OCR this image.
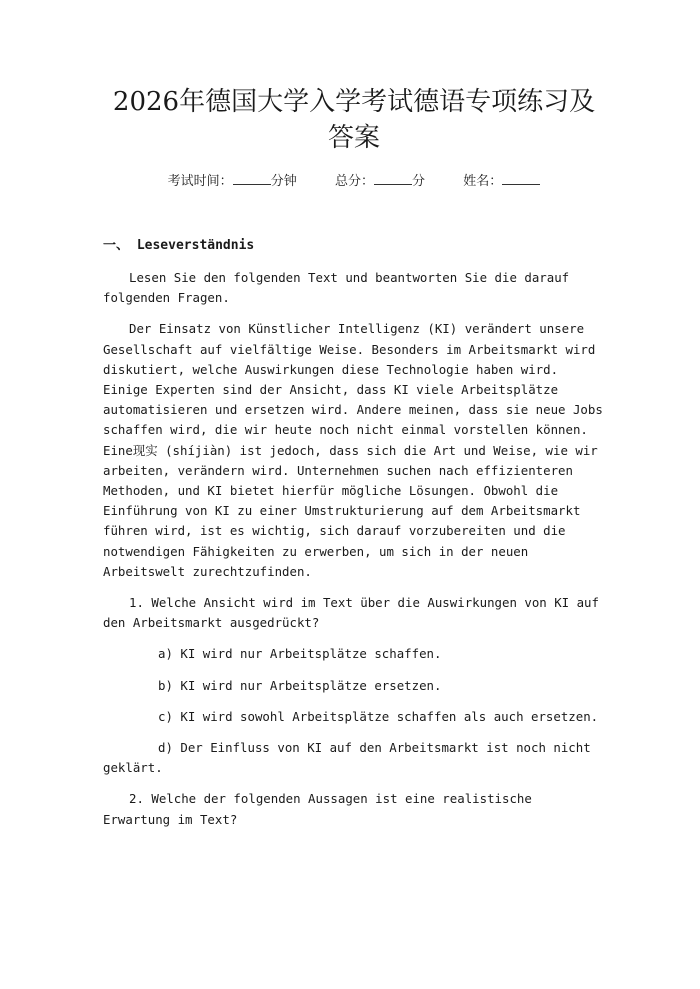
2026年德国大学入学考试德语专项练习及答案
考试时间：	分钟	总分：	分	姓名：
一、 Leseverständnis

Lesen Sie den folgenden Text und beantworten Sie die darauf folgenden Fragen.

Der Einsatz von Künstlicher Intelligenz (KI) verändert unsere Gesellschaft auf vielfältige Weise. Besonders im Arbeitsmarkt wird diskutiert, welche Auswirkungen diese Technologie haben wird. Einige Experten sind der Ansicht, dass KI viele Arbeitsplätze automatisieren und ersetzen wird. Andere meinen, dass sie neue Jobs schaffen wird, die wir heute noch nicht einmal vorstellen können. Eine现实 (shíjiàn) ist jedoch, dass sich die Art und Weise, wie wir arbeiten, verändern wird. Unternehmen suchen nach effizienteren Methoden, und KI bietet hierfür mögliche Lösungen. Obwohl die Einführung von KI zu einer Umstrukturierung auf dem Arbeitsmarkt führen wird, ist es wichtig, sich darauf vorzubereiten und die notwendigen Fähigkeiten zu erwerben, um sich in der neuen Arbeitswelt zurechtzufinden.

1. Welche Ansicht wird im Text über die Auswirkungen von KI auf den Arbeitsmarkt ausgedrückt?

a) KI wird nur Arbeitsplätze schaffen.

b) KI wird nur Arbeitsplätze ersetzen.

c) KI wird sowohl Arbeitsplätze schaffen als auch ersetzen.

d) Der Einfluss von KI auf den Arbeitsmarkt ist noch nicht geklärt.

2. Welche der folgenden Aussagen ist eine realistische Erwartung im Text?
